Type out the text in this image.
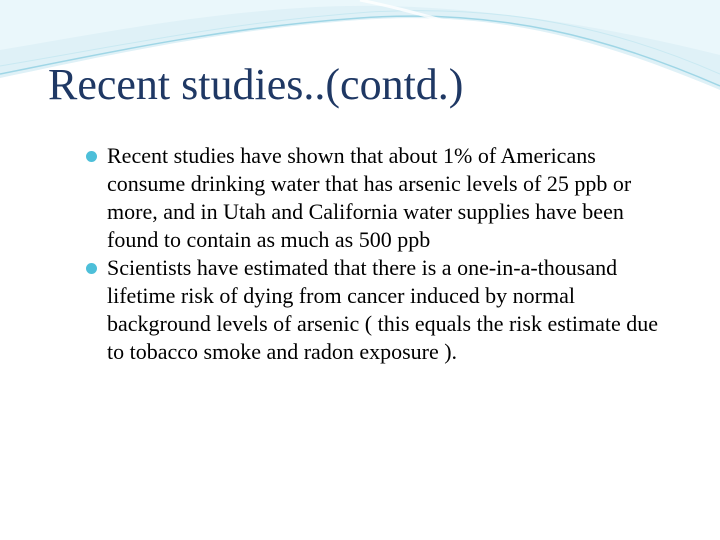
Recent studies..(contd.)
Recent studies have shown that about 1% of Americans consume drinking water that has arsenic levels of 25 ppb or more, and in Utah and California water supplies have been found to contain as much as 500 ppb
Scientists have estimated that there is a one-in-a-thousand lifetime risk of dying from cancer induced by normal background levels of arsenic ( this equals the risk estimate due to tobacco smoke and radon exposure ).
